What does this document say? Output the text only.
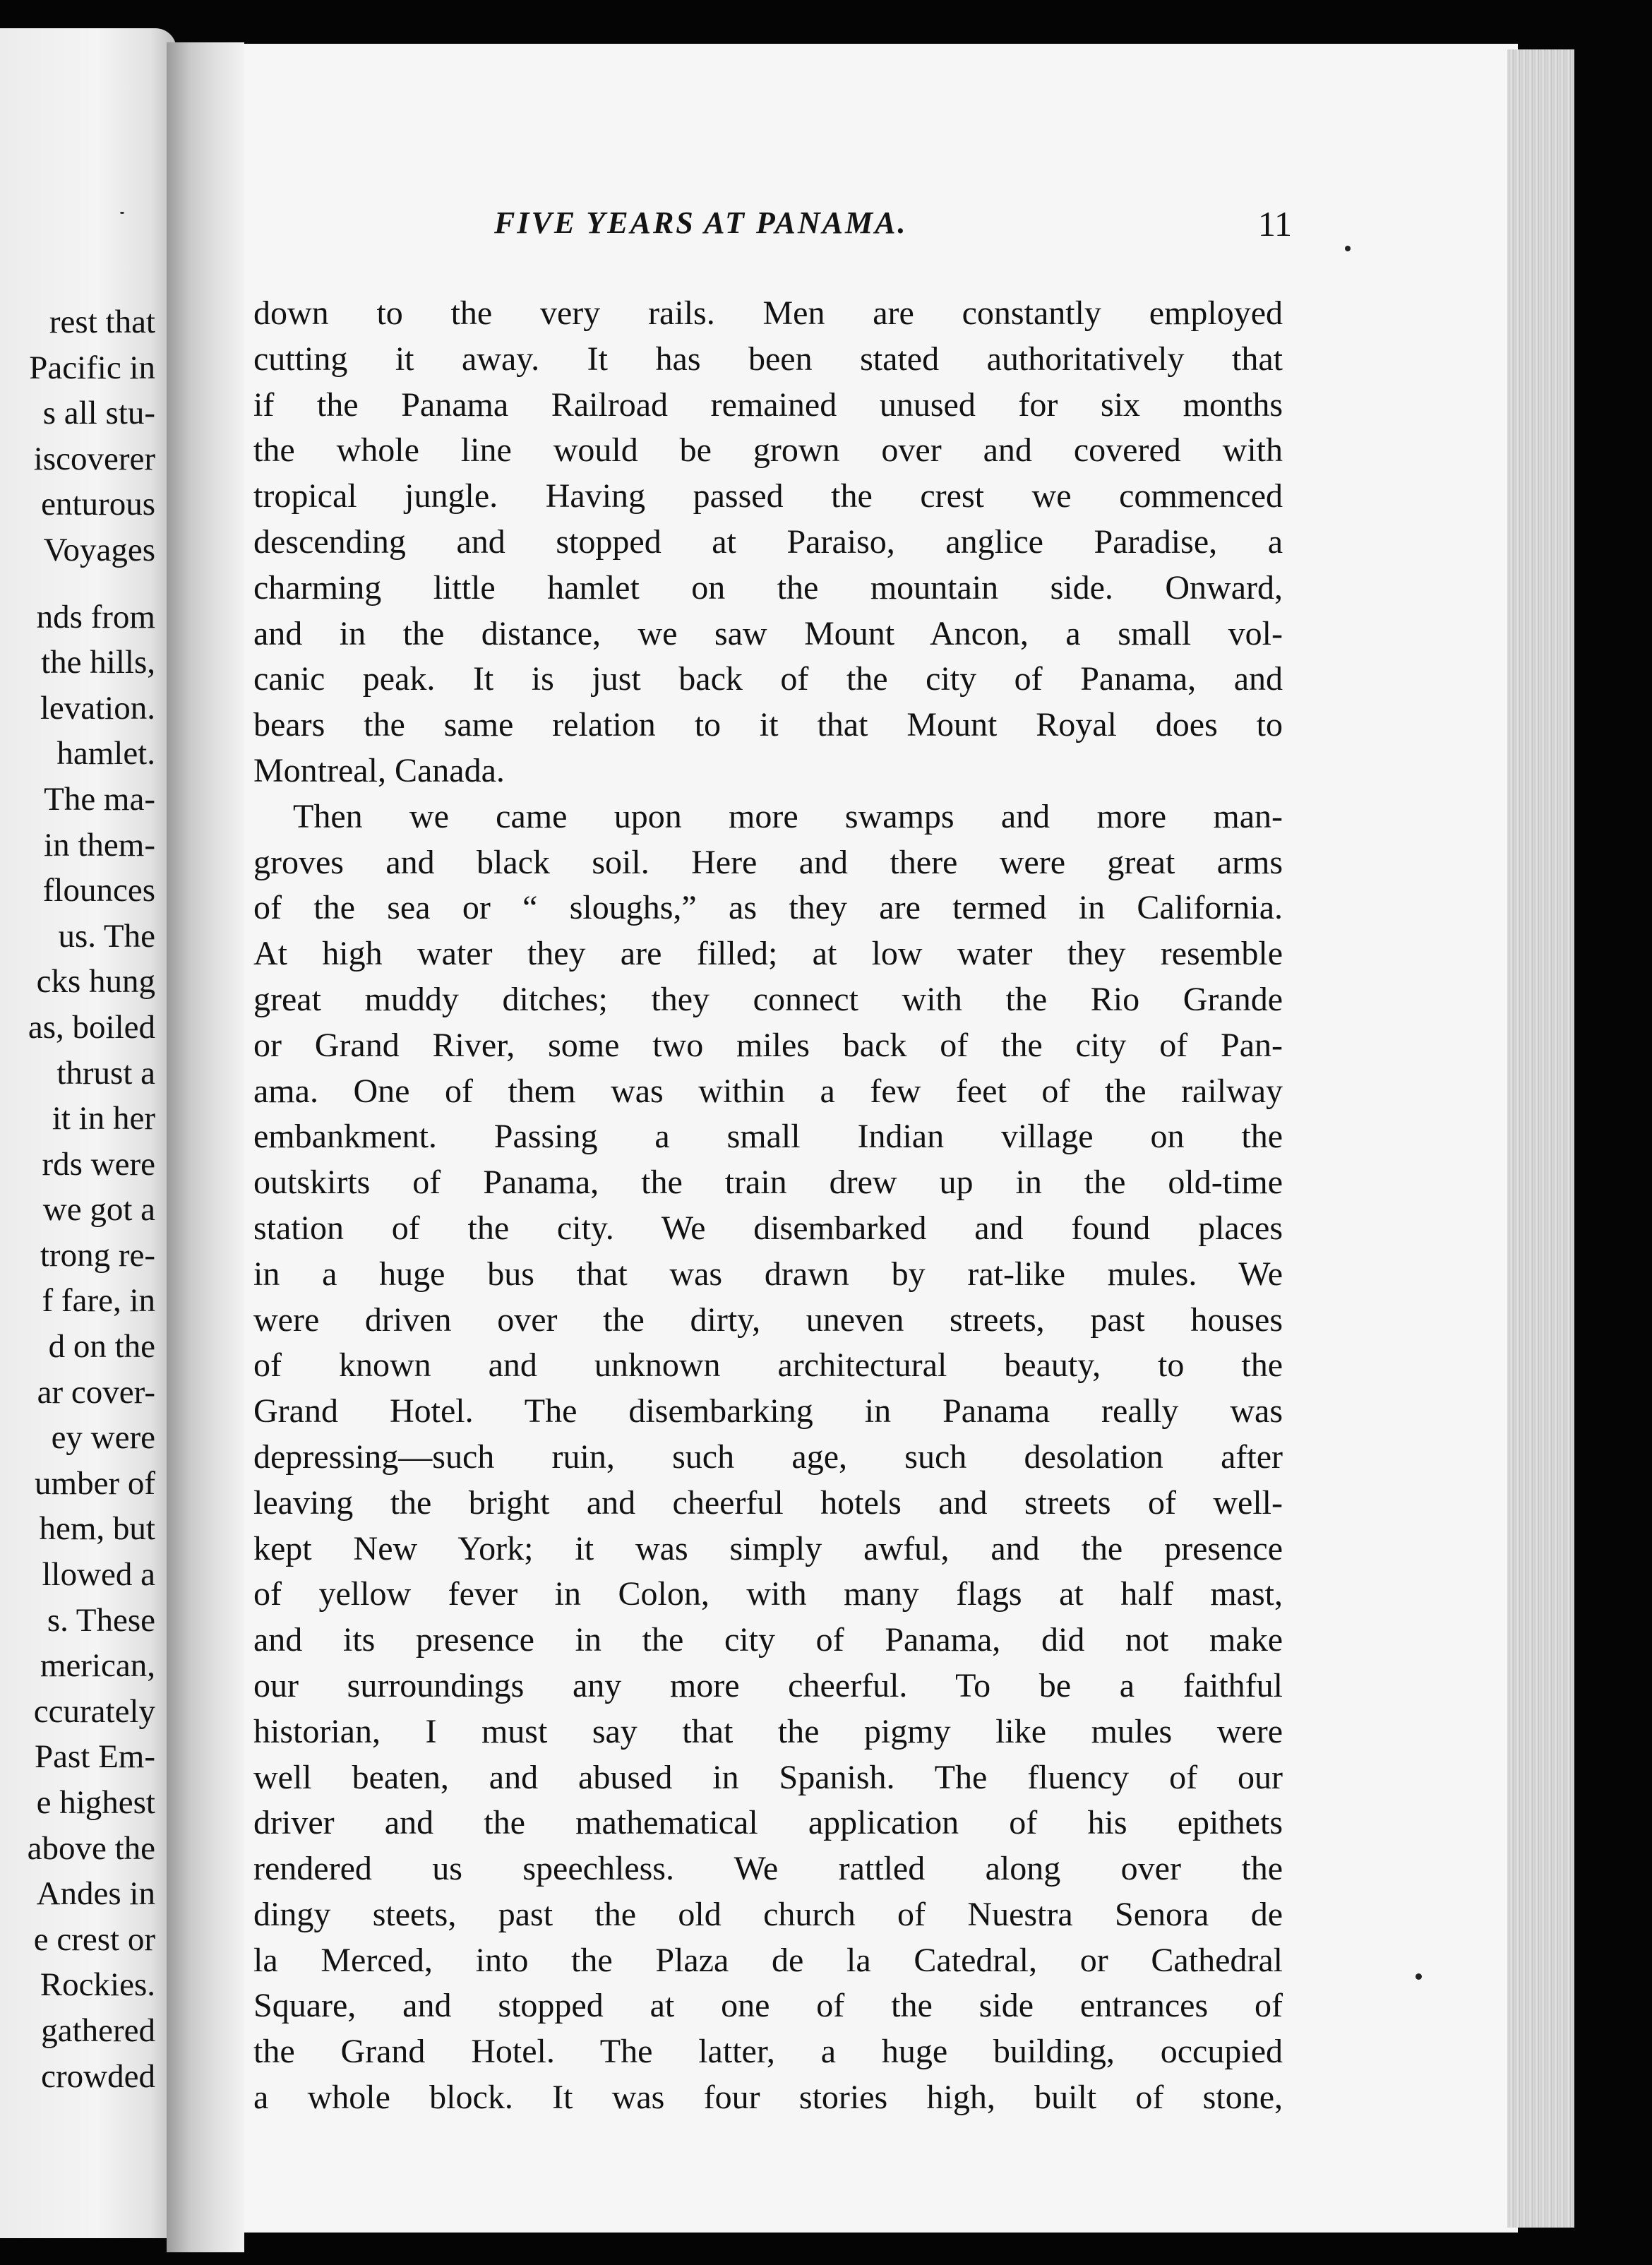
rest that
Pacific in
s all stu-
iscoverer
enturous
Voyages
nds from
the hills,
levation.
hamlet.
The ma-
in them-
flounces
us. The
cks hung
as, boiled
thrust a
it in her
rds were
we got a
trong re-
f fare, in
d on the
ar cover-
ey were
umber of
hem, but
llowed a
s. These
merican,
ccurately
Past Em-
e highest
above the
Andes in
e crest or
Rockies.
gathered
crowded
FIVE YEARS AT PANAMA.	11
down to the very rails. Men are constantly employed
cutting it away. It has been stated authoritatively that
if the Panama Railroad remained unused for six months
the whole line would be grown over and covered with
tropical jungle. Having passed the crest we commenced
descending and stopped at Paraiso, anglice Paradise, a
charming little hamlet on the mountain side. Onward,
and in the distance, we saw Mount Ancon, a small vol-
canic peak. It is just back of the city of Panama, and
bears the same relation to it that Mount Royal does to
Montreal, Canada.
Then we came upon more swamps and more man-
groves and black soil. Here and there were great arms
of the sea or “ sloughs,” as they are termed in California.
At high water they are filled; at low water they resemble
great muddy ditches; they connect with the Rio Grande
or Grand River, some two miles back of the city of Pan-
ama. One of them was within a few feet of the railway
embankment. Passing a small Indian village on the
outskirts of Panama, the train drew up in the old-time
station of the city. We disembarked and found places
in a huge bus that was drawn by rat-like mules. We
were driven over the dirty, uneven streets, past houses
of known and unknown architectural beauty, to the
Grand Hotel. The disembarking in Panama really was
depressing—such ruin, such age, such desolation after
leaving the bright and cheerful hotels and streets of well-
kept New York; it was simply awful, and the presence
of yellow fever in Colon, with many flags at half mast,
and its presence in the city of Panama, did not make
our surroundings any more cheerful. To be a faithful
historian, I must say that the pigmy like mules were
well beaten, and abused in Spanish. The fluency of our
driver and the mathematical application of his epithets
rendered us speechless. We rattled along over the
dingy steets, past the old church of Nuestra Senora de
la Merced, into the Plaza de la Catedral, or Cathedral
Square, and stopped at one of the side entrances of
the Grand Hotel. The latter, a huge building, occupied
a whole block. It was four stories high, built of stone,
